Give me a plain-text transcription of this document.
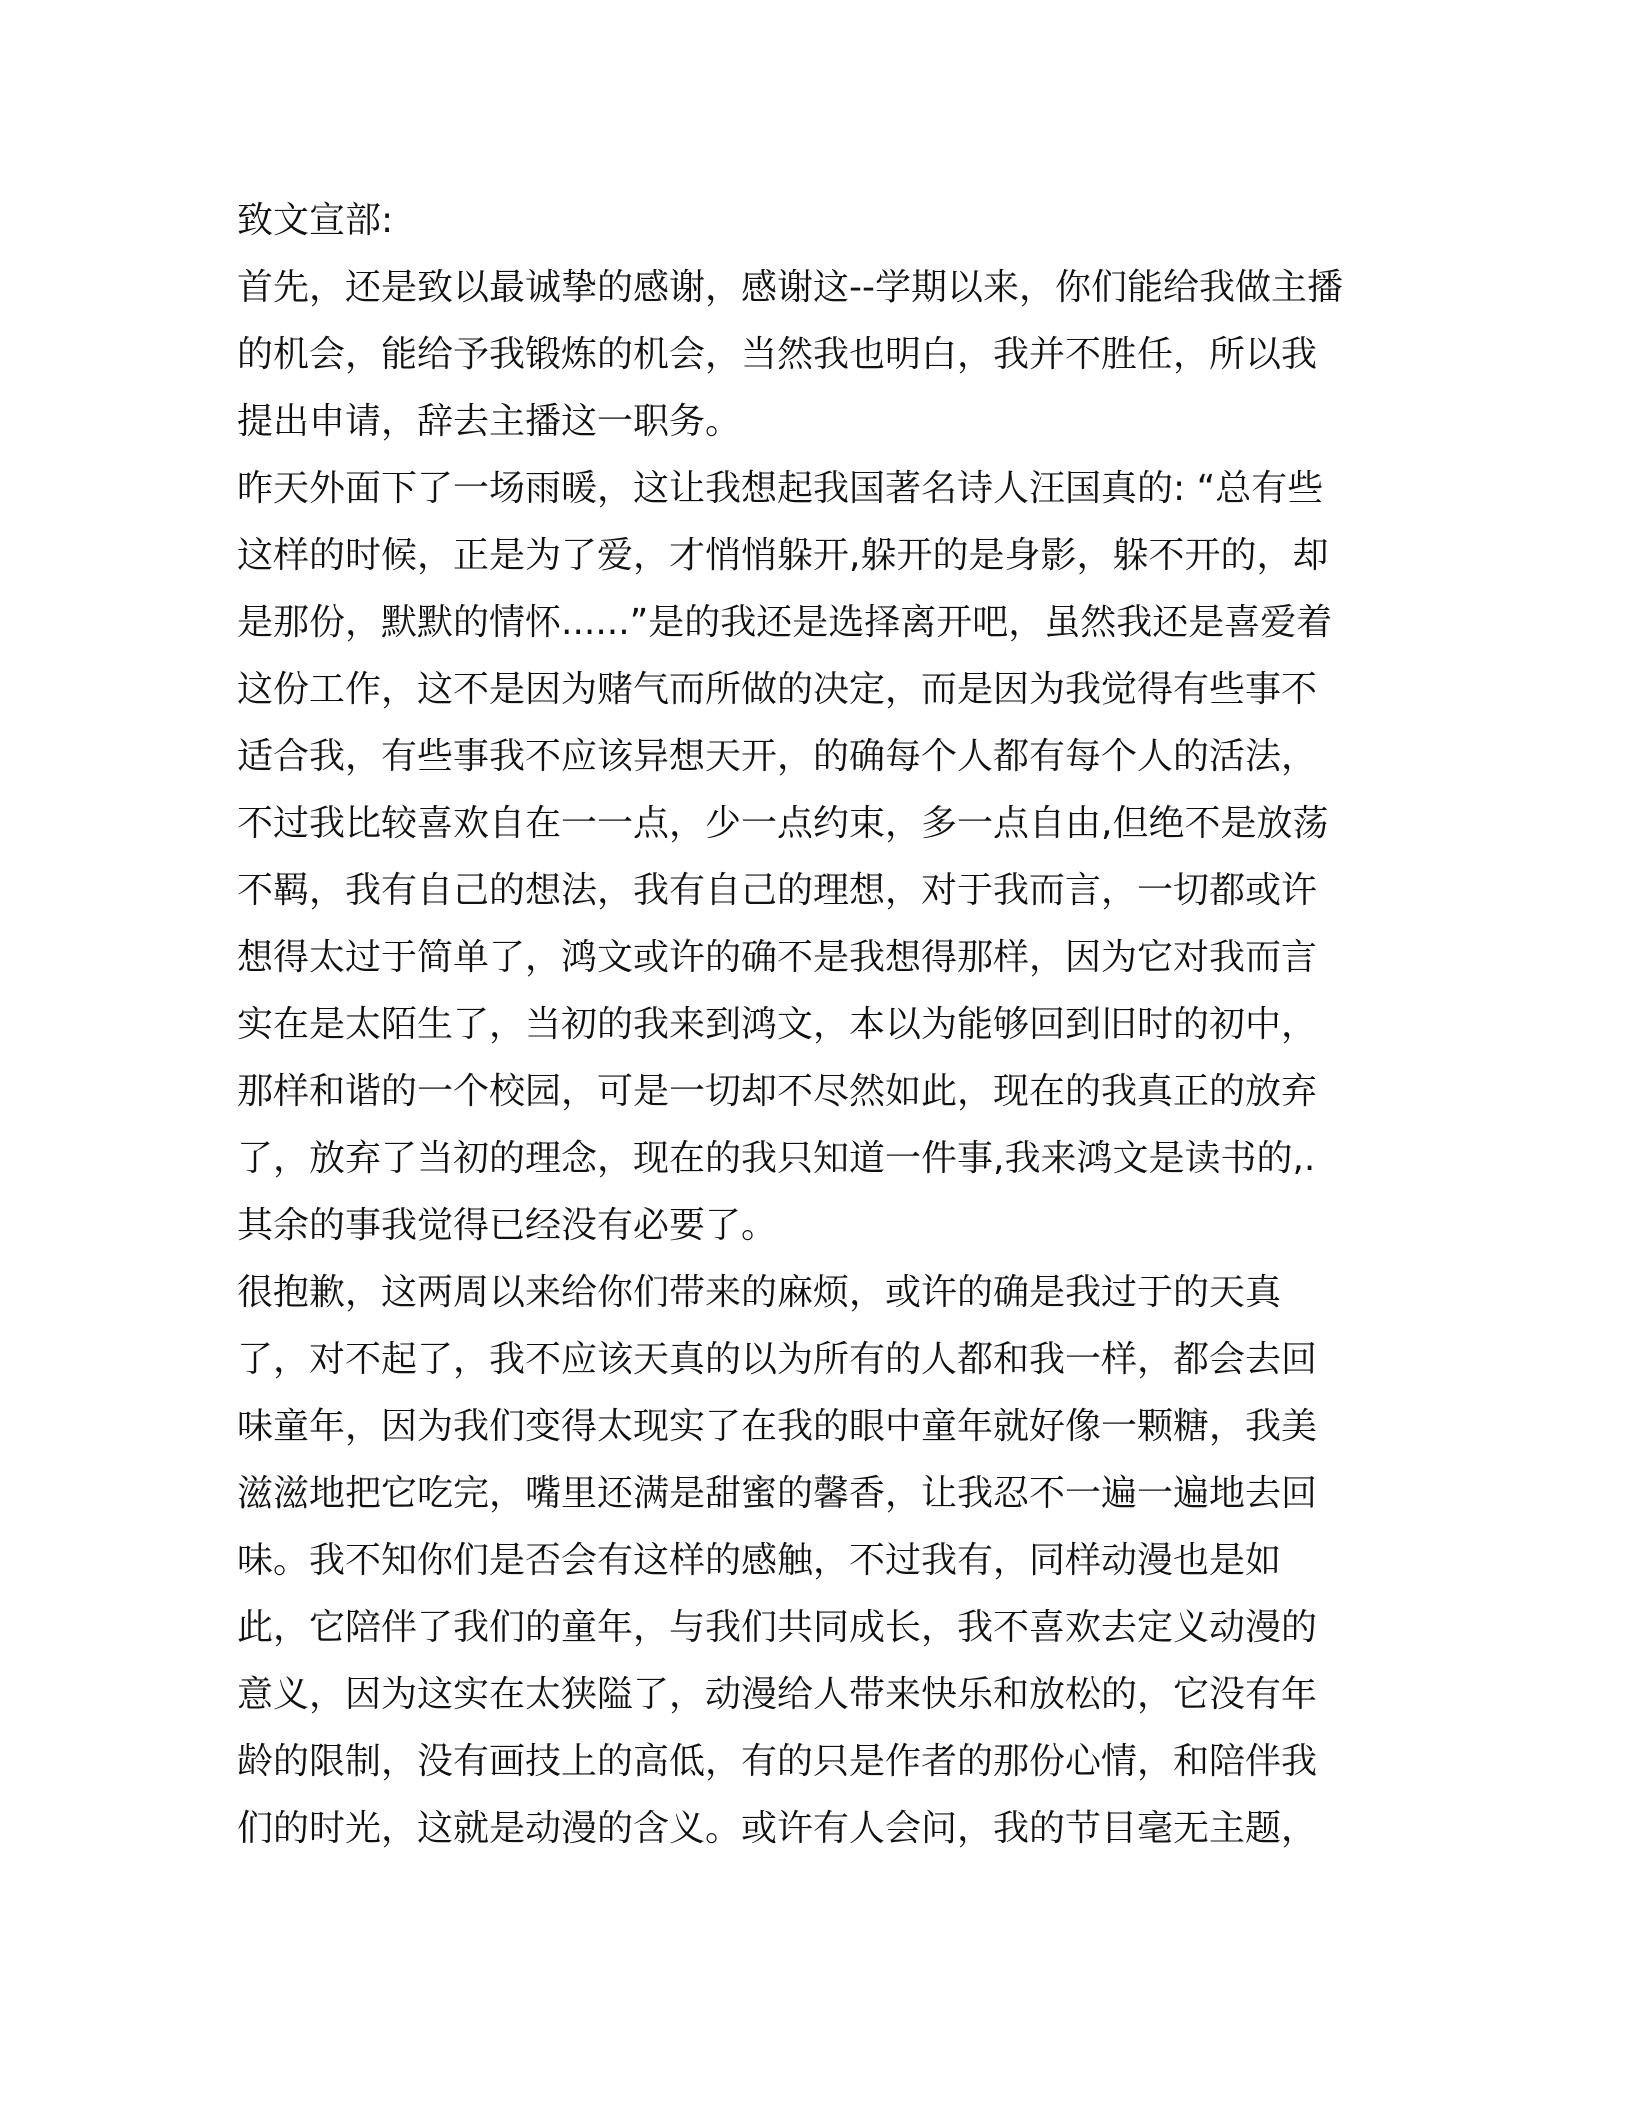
致文宣部:
首先，还是致以最诚挚的感谢，感谢这--学期以来，你们能给我做主播
的机会，能给予我锻炼的机会，当然我也明白，我并不胜任，所以我
提出申请，辞去主播这一职务。
昨天外面下了一场雨暖，这让我想起我国著名诗人汪国真的: “总有些
这样的时候，正是为了爱，才悄悄躲开,躲开的是身影，躲不开的，却
是那份，默默的情怀......”是的我还是选择离开吧，虽然我还是喜爱着
这份工作，这不是因为赌气而所做的决定，而是因为我觉得有些事不
适合我，有些事我不应该异想天开，的确每个人都有每个人的活法，
不过我比较喜欢自在一一点，少一点约束，多一点自由,但绝不是放荡
不羁，我有自己的想法，我有自己的理想，对于我而言，一切都或许
想得太过于简单了，鸿文或许的确不是我想得那样，因为它对我而言
实在是太陌生了，当初的我来到鸿文，本以为能够回到旧时的初中，
那样和谐的一个校园，可是一切却不尽然如此，现在的我真正的放弃
了，放弃了当初的理念，现在的我只知道一件事,我来鸿文是读书的,.
其余的事我觉得已经没有必要了。
很抱歉，这两周以来给你们带来的麻烦，或许的确是我过于的天真
了，对不起了，我不应该天真的以为所有的人都和我一样，都会去回
味童年，因为我们变得太现实了在我的眼中童年就好像一颗糖，我美
滋滋地把它吃完，嘴里还满是甜蜜的馨香，让我忍不一遍一遍地去回
味。我不知你们是否会有这样的感触，不过我有，同样动漫也是如
此，它陪伴了我们的童年，与我们共同成长，我不喜欢去定义动漫的
意义，因为这实在太狭隘了，动漫给人带来快乐和放松的，它没有年
龄的限制，没有画技上的高低，有的只是作者的那份心情，和陪伴我
们的时光，这就是动漫的含义。或许有人会问，我的节目毫无主题，
